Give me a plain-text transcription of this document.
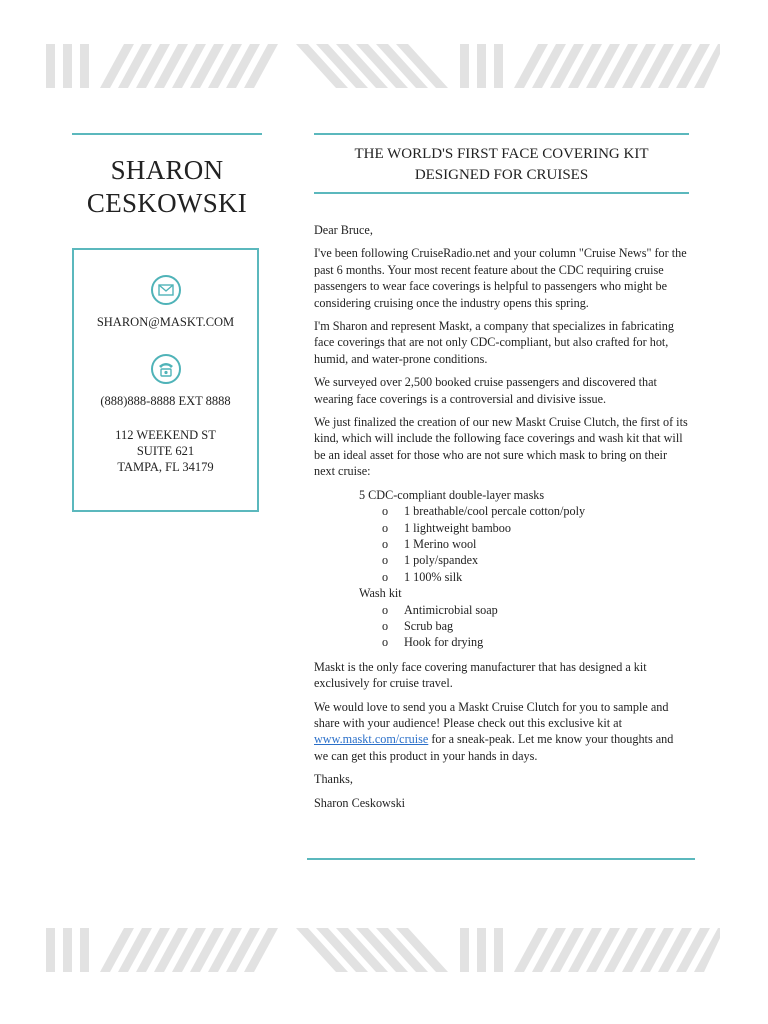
SHARON
CESKOWSKI
SHARON@MASKT.COM
(888)888-8888 EXT 8888
112 WEEKEND ST
SUITE 621
TAMPA, FL 34179
THE WORLD'S FIRST FACE COVERING KIT
DESIGNED FOR CRUISES

Dear Bruce,

I've been following CruiseRadio.net and your column "Cruise News" for the past 6 months. Your most recent feature about the CDC requiring cruise passengers to wear face coverings is helpful to passengers who might be considering cruising once the industry opens this spring.

I'm Sharon and represent Maskt, a company that specializes in fabricating face coverings that are not only CDC-compliant, but also crafted for hot, humid, and water-prone conditions.

We surveyed over 2,500 booked cruise passengers and discovered that wearing face coverings is a controversial and divisive issue.

We just finalized the creation of our new Maskt Cruise Clutch, the first of its kind, which will include the following face coverings and wash kit that will be an ideal asset for those who are not sure which mask to bring on their next cruise:

5 CDC-compliant double-layer masks
o 1 breathable/cool percale cotton/poly
o 1 lightweight bamboo
o 1 Merino wool
o 1 poly/spandex
o 1 100% silk
Wash kit
o Antimicrobial soap
o Scrub bag
o Hook for drying

Maskt is the only face covering manufacturer that has designed a kit exclusively for cruise travel.

We would love to send you a Maskt Cruise Clutch for you to sample and share with your audience! Please check out this exclusive kit at www.maskt.com/cruise for a sneak-peak. Let me know your thoughts and we can get this product in your hands in days.

Thanks,

Sharon Ceskowski
